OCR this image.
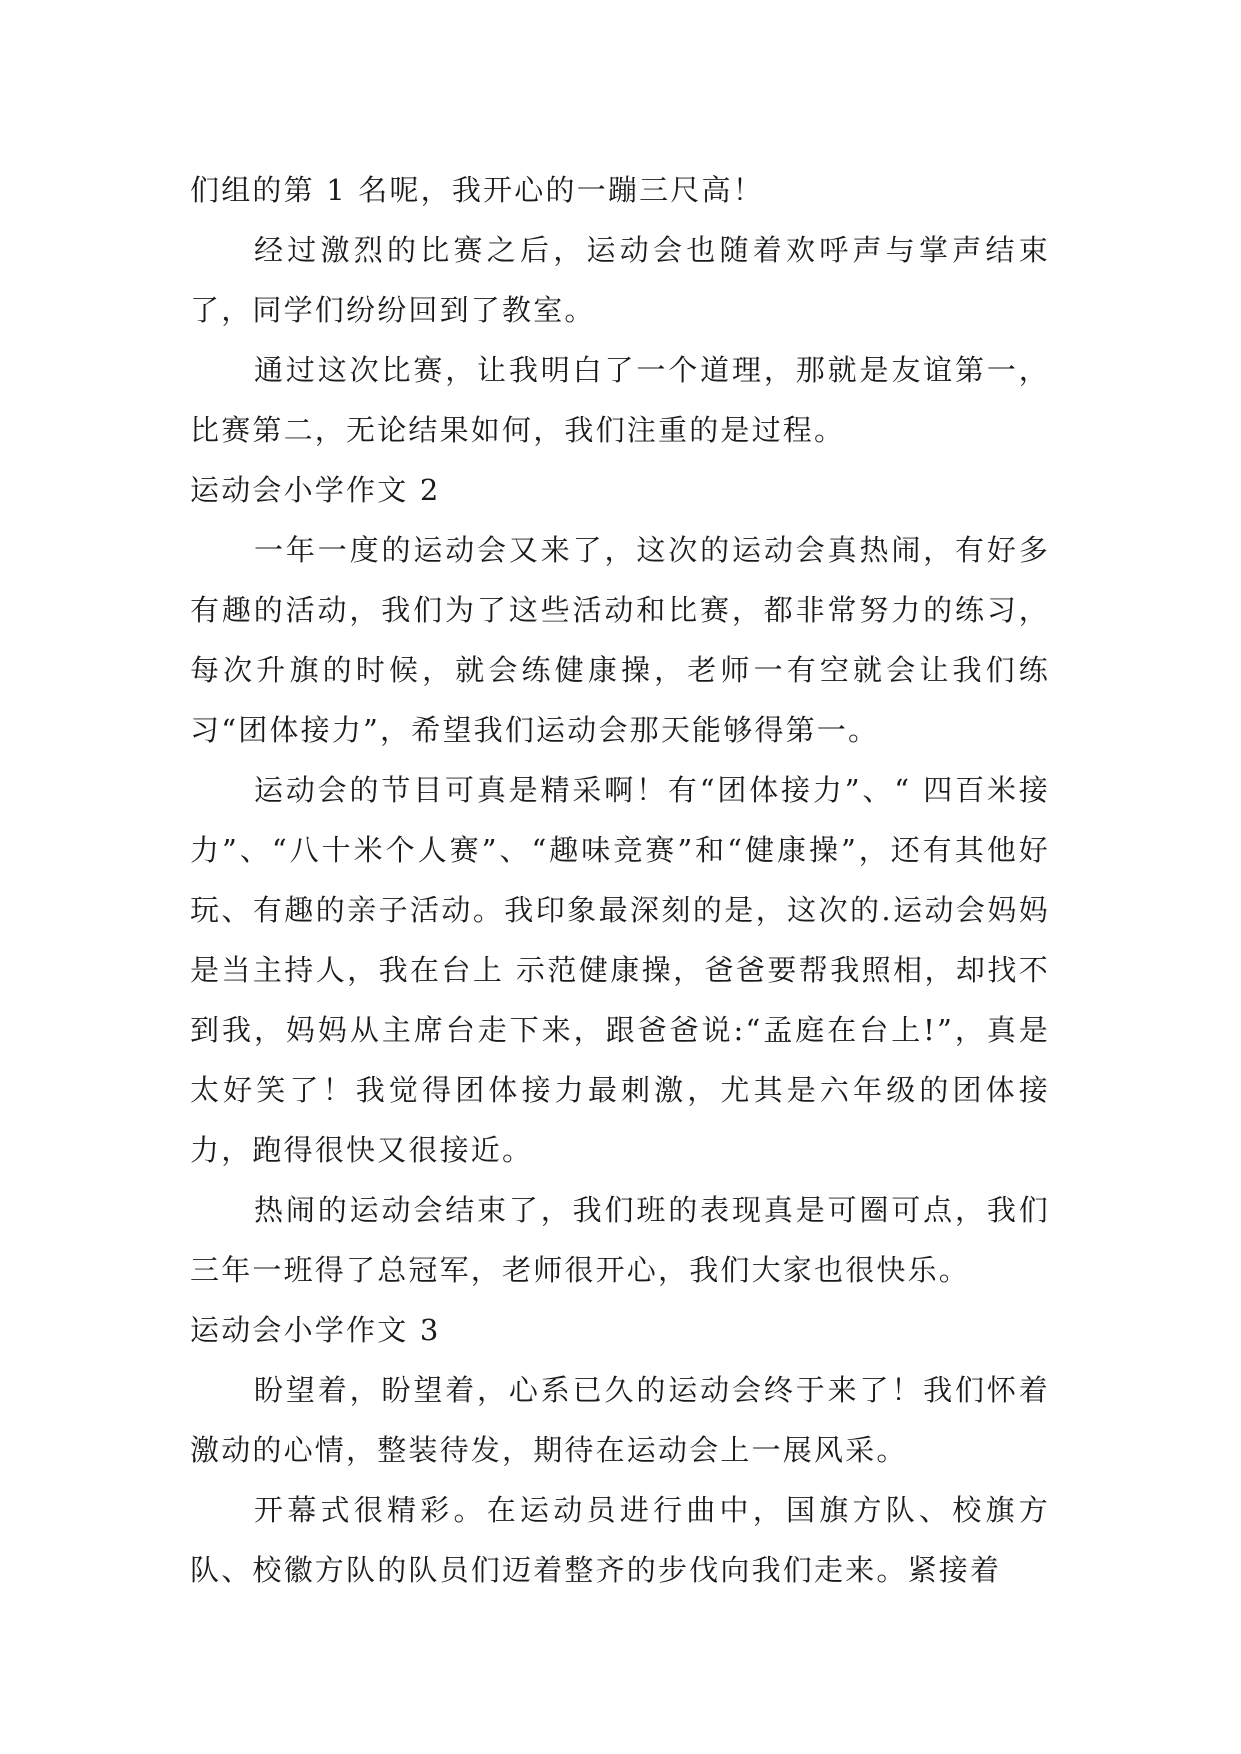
们组的第 1 名呢，我开心的一蹦三尺高！

经过激烈的比赛之后，运动会也随着欢呼声与掌声结束了，同学们纷纷回到了教室。

通过这次比赛，让我明白了一个道理，那就是友谊第一，比赛第二，无论结果如何，我们注重的是过程。

运动会小学作文 2

一年一度的运动会又来了，这次的运动会真热闹，有好多有趣的活动，我们为了这些活动和比赛，都非常努力的练习，每次升旗的时候，就会练健康操，老师一有空就会让我们练习“团体接力”，希望我们运动会那天能够得第一。

运动会的节目可真是精采啊！有“团体接力”、“ 四百米接力”、“八十米个人赛”、“趣味竞赛”和“健康操”，还有其他好玩、有趣的亲子活动。我印象最深刻的是，这次的.运动会妈妈是当主持人，我在台上 示范健康操，爸爸要帮我照相，却找不到我，妈妈从主席台走下来，跟爸爸说:“孟庭在台上!”，真是太好笑了！我觉得团体接力最刺激，尤其是六年级的团体接 力，跑得很快又很接近。

热闹的运动会结束了，我们班的表现真是可圈可点，我们三年一班得了总冠军，老师很开心，我们大家也很快乐。

运动会小学作文 3

盼望着，盼望着，心系已久的运动会终于来了！我们怀着激动的心情，整装待发，期待在运动会上一展风采。

开幕式很精彩。在运动员进行曲中，国旗方队、校旗方队、校徽方队的队员们迈着整齐的步伐向我们走来。紧接着
